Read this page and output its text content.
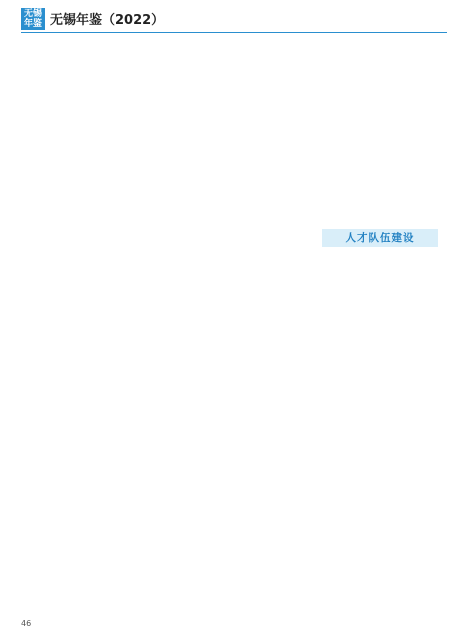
无锡
年鉴 无锡年鉴（2022）
人才队伍建设
46
